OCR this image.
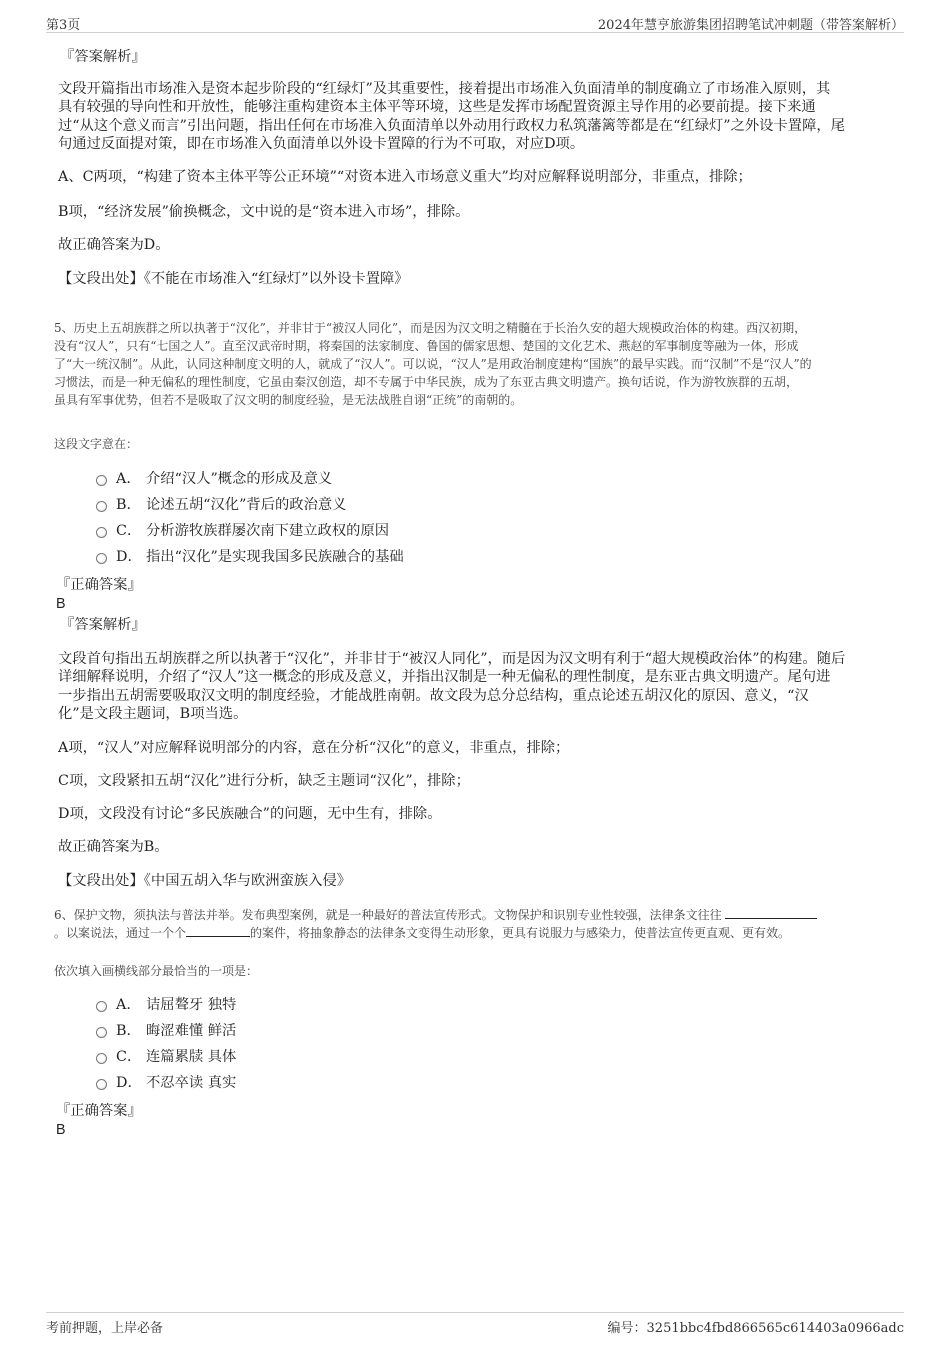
第3页	2024年慧亨旅游集团招聘笔试冲刺题（带答案解析）
『答案解析』
文段开篇指出市场准入是资本起步阶段的“红绿灯”及其重要性，接着提出市场准入负面清单的制度确立了市场准入原则，其
具有较强的导向性和开放性，能够注重构建资本主体平等环境，这些是发挥市场配置资源主导作用的必要前提。接下来通
过“从这个意义而言”引出问题，指出任何在市场准入负面清单以外动用行政权力私筑藩篱等都是在“红绿灯”之外设卡置障，尾
句通过反面提对策，即在市场准入负面清单以外设卡置障的行为不可取，对应D项。
A、C两项，“构建了资本主体平等公正环境”“对资本进入市场意义重大”均对应解释说明部分，非重点，排除；
B项，“经济发展”偷换概念，文中说的是“资本进入市场”，排除。
故正确答案为D。
【文段出处】《不能在市场准入“红绿灯”以外设卡置障》
5、历史上五胡族群之所以执著于“汉化”，并非甘于“被汉人同化”，而是因为汉文明之精髓在于长治久安的超大规模政治体的构建。西汉初期，
没有“汉人”，只有“七国之人”。直至汉武帝时期，将秦国的法家制度、鲁国的儒家思想、楚国的文化艺术、燕赵的军事制度等融为一体，形成
了“大一统汉制”。从此，认同这种制度文明的人，就成了“汉人”。可以说，“汉人”是用政治制度建构“国族”的最早实践。而“汉制”不是“汉人”的
习惯法，而是一种无偏私的理性制度，它虽由秦汉创造，却不专属于中华民族，成为了东亚古典文明遗产。换句话说，作为游牧族群的五胡，
虽具有军事优势，但若不是吸取了汉文明的制度经验，是无法战胜自诩“正统”的南朝的。
这段文字意在：
A． 介绍“汉人”概念的形成及意义
B． 论述五胡“汉化”背后的政治意义
C． 分析游牧族群屡次南下建立政权的原因
D． 指出“汉化”是实现我国多民族融合的基础
『正确答案』
B
『答案解析』
文段首句指出五胡族群之所以执著于“汉化”，并非甘于“被汉人同化”，而是因为汉文明有利于“超大规模政治体”的构建。随后
详细解释说明，介绍了“汉人”这一概念的形成及意义，并指出汉制是一种无偏私的理性制度，是东亚古典文明遗产。尾句进
一步指出五胡需要吸取汉文明的制度经验，才能战胜南朝。故文段为总分总结构，重点论述五胡汉化的原因、意义，“汉
化”是文段主题词，B项当选。
A项，“汉人”对应解释说明部分的内容，意在分析“汉化”的意义，非重点，排除；
C项，文段紧扣五胡“汉化”进行分析，缺乏主题词“汉化”，排除；
D项，文段没有讨论“多民族融合”的问题，无中生有，排除。
故正确答案为B。
【文段出处】《中国五胡入华与欧洲蛮族入侵》
6、保护文物，须执法与普法并举。发布典型案例，就是一种最好的普法宣传形式。文物保护和识别专业性较强，法律条文往往
。以案说法，通过一个个	的案件，将抽象静态的法律条文变得生动形象，更具有说服力与感染力，使普法宣传更直观、更有效。
依次填入画横线部分最恰当的一项是：
A． 诘屈聱牙 独特
B． 晦涩难懂 鲜活
C． 连篇累牍 具体
D． 不忍卒读 真实
『正确答案』
B
考前押题，上岸必备	编号：3251bbc4fbd866565c614403a0966adc
